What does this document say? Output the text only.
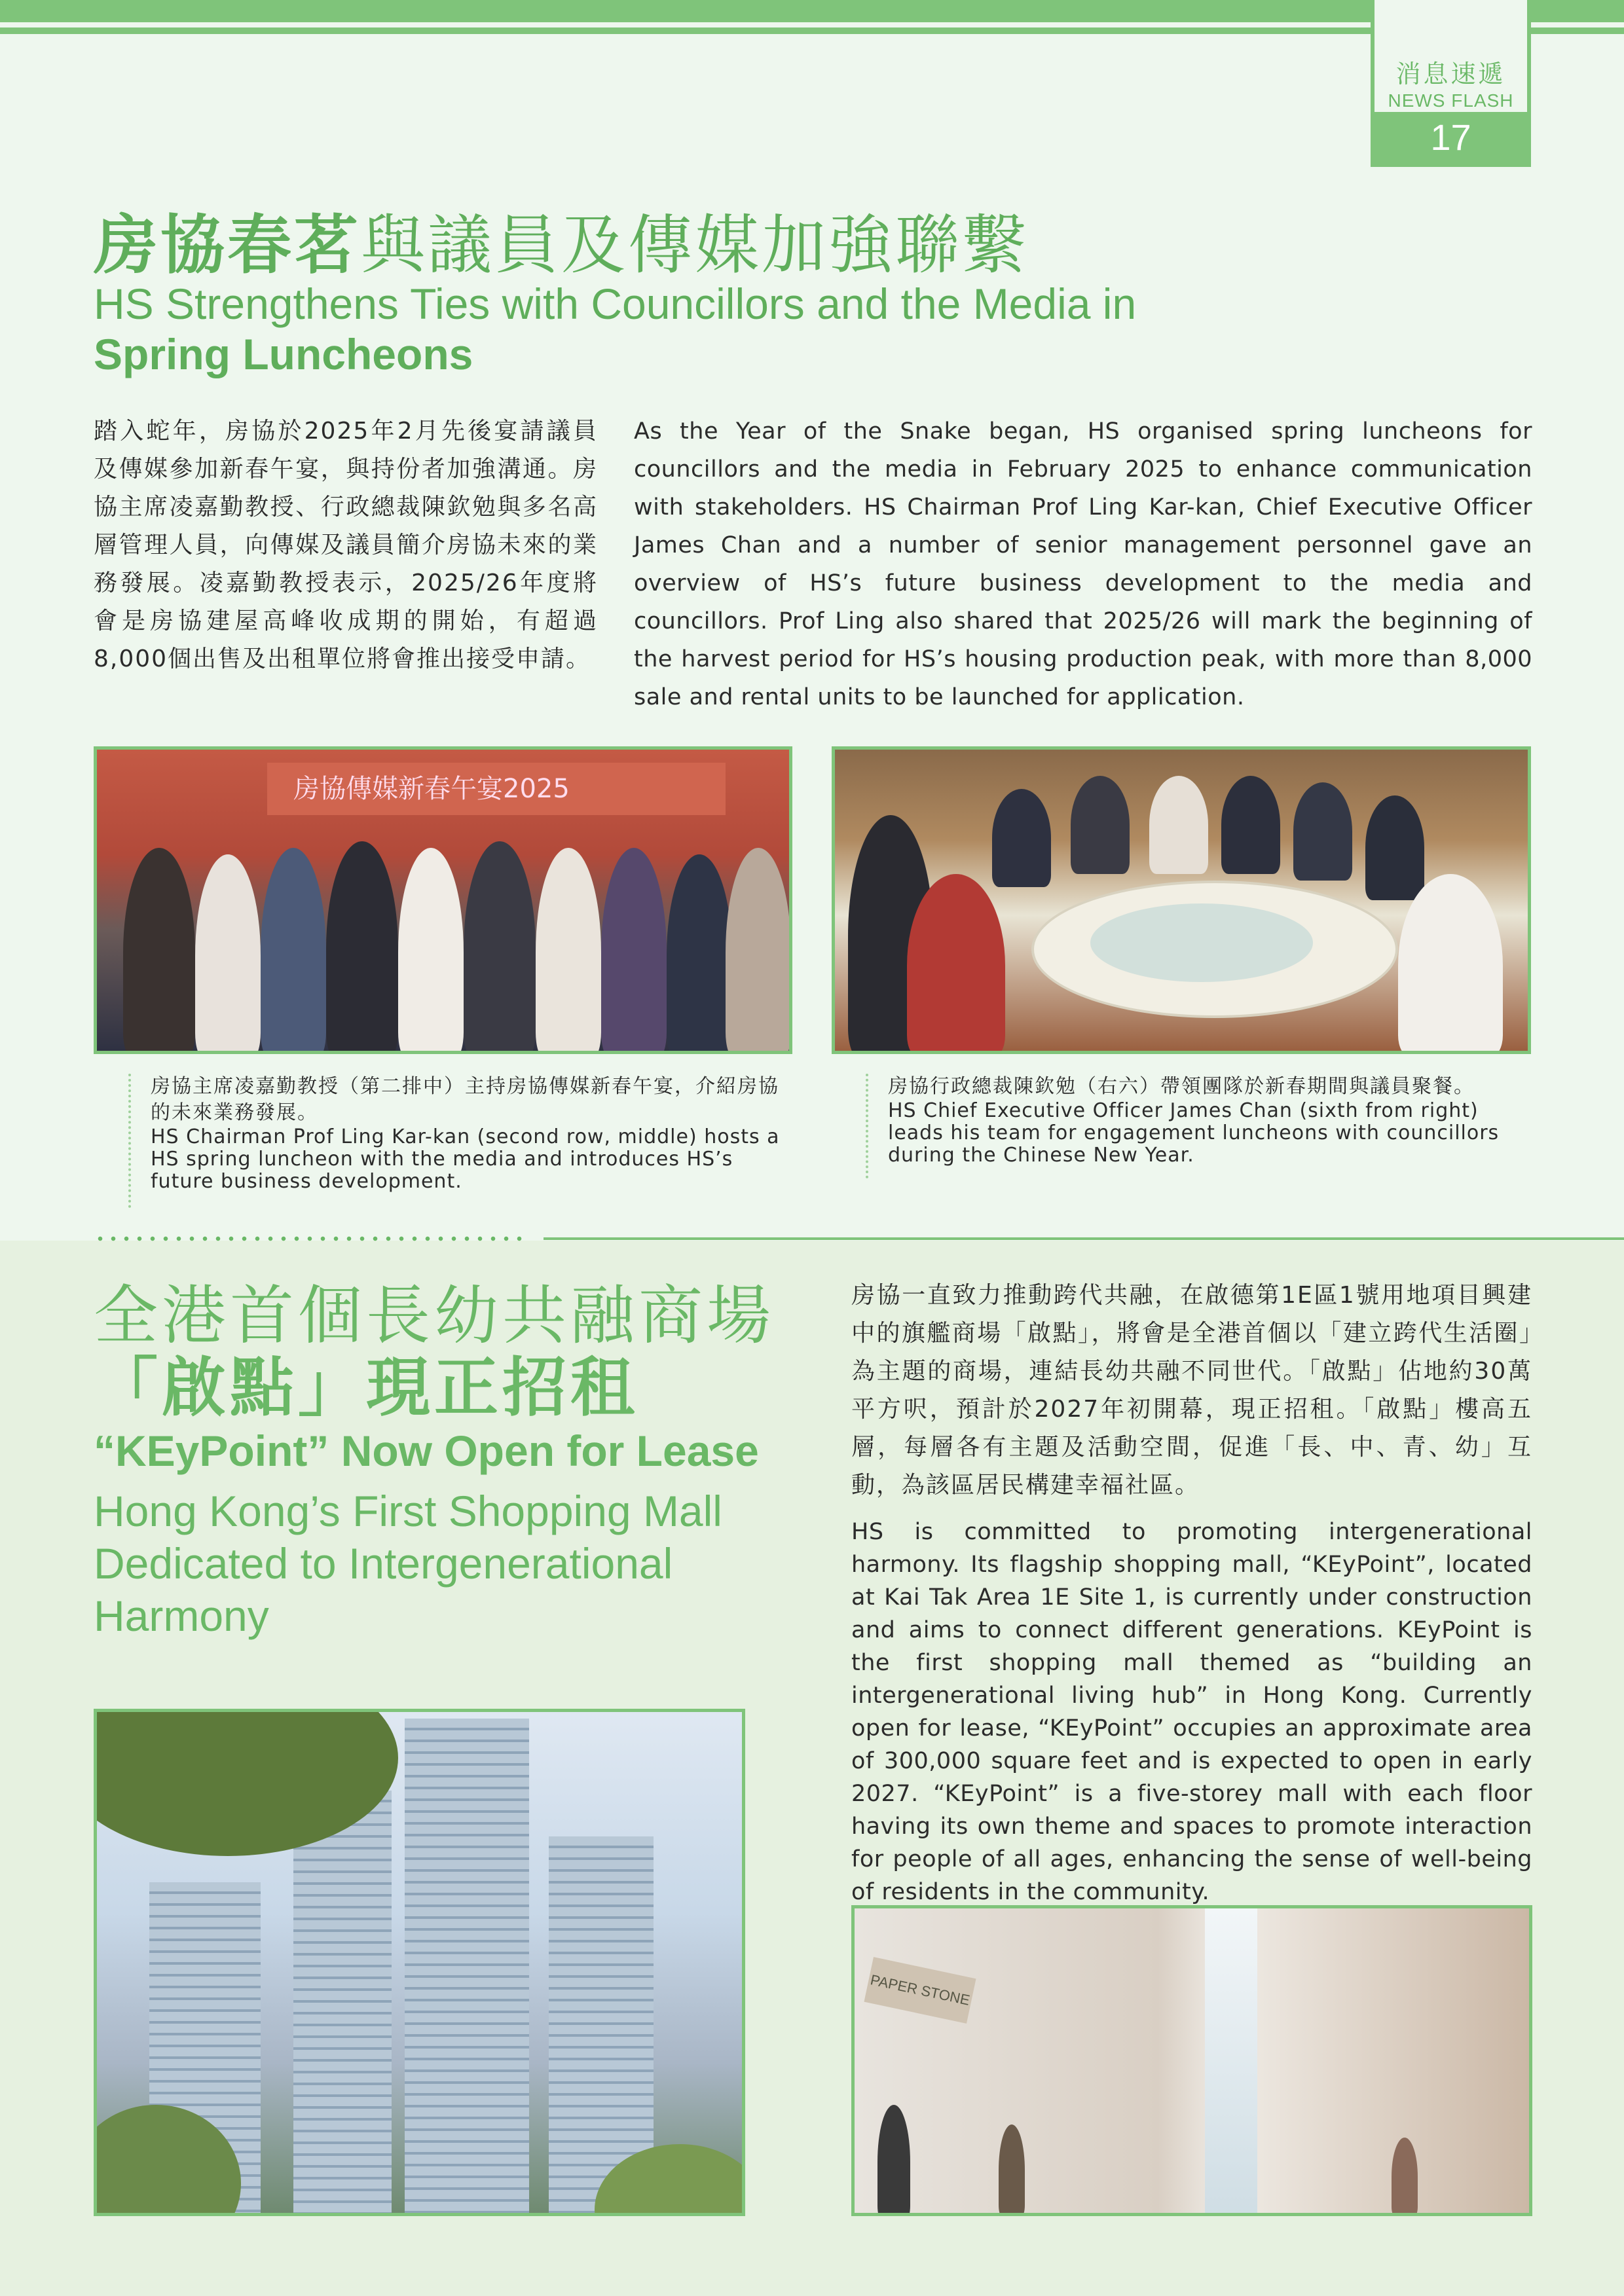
消息速遞
NEWS FLASH
17
房協春茗與議員及傳媒加強聯繫
HS Strengthens Ties with Councillors and the Media in
Spring Luncheons
踏入蛇年，房協於2025年2月先後宴請議員及傳媒參加新春午宴，與持份者加強溝通。房協主席凌嘉勤教授、行政總裁陳欽勉與多名高層管理人員，向傳媒及議員簡介房協未來的業務發展。凌嘉勤教授表示，2025/26年度將會是房協建屋高峰收成期的開始，有超過8,000個出售及出租單位將會推出接受申請。
As the Year of the Snake began, HS organised spring luncheons for councillors and the media in February 2025 to enhance communication with stakeholders. HS Chairman Prof Ling Kar-kan, Chief Executive Officer James Chan and a number of senior management personnel gave an overview of HS’s future business development to the media and councillors. Prof Ling also shared that 2025/26 will mark the beginning of the harvest period for HS’s housing production peak, with more than 8,000 sale and rental units to be launched for application.
房協傳媒新春午宴2025
房協主席凌嘉勤教授（第二排中）主持房協傳媒新春午宴，介紹房協的未來業務發展。
HS Chairman Prof Ling Kar-kan (second row, middle) hosts a HS spring luncheon with the media and introduces HS’s future business development.
房協行政總裁陳欽勉（右六）帶領團隊於新春期間與議員聚餐。
HS Chief Executive Officer James Chan (sixth from right) leads his team for engagement luncheons with councillors during the Chinese New Year.
全港首個長幼共融商場
「啟點」現正招租
“KEyPoint” Now Open for Lease
Hong Kong’s First Shopping Mall Dedicated to Intergenerational Harmony
房協一直致力推動跨代共融，在啟德第1E區1號用地項目興建中的旗艦商場「啟點」，將會是全港首個以「建立跨代生活圈」為主題的商場，連結長幼共融不同世代。「啟點」佔地約30萬平方呎，預計於2027年初開幕，現正招租。「啟點」樓高五層，每層各有主題及活動空間，促進「長、中、青、幼」互動，為該區居民構建幸福社區。
HS is committed to promoting intergenerational harmony. Its flagship shopping mall, “KEyPoint”, located at Kai Tak Area 1E Site 1, is currently under construction and aims to connect different generations. KEyPoint is the first shopping mall themed as “building an intergenerational living hub” in Hong Kong. Currently open for lease, “KEyPoint” occupies an approximate area of 300,000 square feet and is expected to open in early 2027. “KEyPoint” is a five-storey mall with each floor having its own theme and spaces to promote interaction for people of all ages, enhancing the sense of well-being of residents in the community.
PAPER STONE
